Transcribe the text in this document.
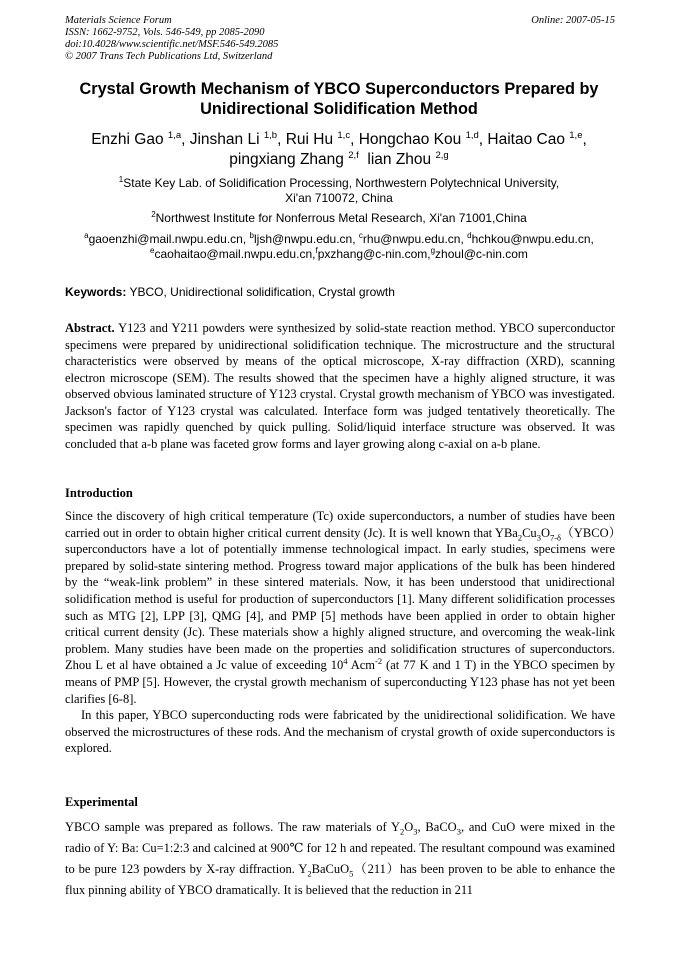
Materials Science Forum
ISSN: 1662-9752, Vols. 546-549, pp 2085-2090
doi:10.4028/www.scientific.net/MSF.546-549.2085
© 2007 Trans Tech Publications Ltd, Switzerland
Online: 2007-05-15
Crystal Growth Mechanism of YBCO Superconductors Prepared by
Unidirectional Solidification Method
Enzhi Gao $^{1,a}$, Jinshan Li $^{1,b}$, Rui Hu $^{1,c}$, Hongchao Kou $^{1,d}$, Haitao Cao $^{1,e}$,
pingxiang Zhang $^{2,f}$ lian Zhou $^{2,g}$
$^1$State Key Lab. of Solidification Processing, Northwestern Polytechnical University,
Xi'an 710072, China
$^2$Northwest Institute for Nonferrous Metal Research, Xi'an 71001,China
$^a$gaoenzhi@mail.nwpu.edu.cn, $^b$ljsh@nwpu.edu.cn, $^c$rhu@nwpu.edu.cn, $^d$hchkou@nwpu.edu.cn,
$^e$caohaitao@mail.nwpu.edu.cn,$^f$pxzhang@c-nin.com,$^g$zhoul@c-nin.com
Keywords: YBCO, Unidirectional solidification, Crystal growth
Abstract. Y123 and Y211 powders were synthesized by solid-state reaction method. YBCO superconductor specimens were prepared by unidirectional solidification technique. The microstructure and the structural characteristics were observed by means of the optical microscope, X-ray diffraction (XRD), scanning electron microscope (SEM). The results showed that the specimen have a highly aligned structure, it was observed obvious laminated structure of Y123 crystal. Crystal growth mechanism of YBCO was investigated. Jackson's factor of Y123 crystal was calculated. Interface form was judged tentatively theoretically. The specimen was rapidly quenched by quick pulling. Solid/liquid interface structure was observed. It was concluded that a-b plane was faceted grow forms and layer growing along c-axial on a-b plane.
Introduction
Since the discovery of high critical temperature (Tc) oxide superconductors, a number of studies have been carried out in order to obtain higher critical current density (Jc). It is well known that $YBa_2Cu_3O_{7-\delta}(YBCO)superconductors$ have a lot of potentially immense technological impact. In early studies, specimens were prepared by solid-state sintering method. Progress toward major applications of the bulk has been hindered by the “weak-link problem” in these sintered materials. Now, it has been understood that unidirectional solidification method is useful for production of superconductors [1]. Many different solidification processes such as MTG [2], LPP [3], QMG [4], and PMP [5] methods have been applied in order to obtain higher critical current density (Jc). These materials show a highly aligned structure, and overcoming the weak-link problem. Many studies have been made on the properties and solidification structures of superconductors. Zhou L et al have obtained a Jc value of exceeding $10^4$ Acm$^{-2}$ (at 77 K and 1 T) in the YBCO specimen by means of PMP [5]. However, the crystal growth mechanism of superconducting Y123 phase has not yet been clarifies [6-8].
In this paper, YBCO superconducting rods were fabricated by the unidirectional solidification. We have observed the microstructures of these rods. And the mechanism of crystal growth of oxide superconductors is explored.
Experimental
YBCO sample was prepared as follows. The raw materials of $Y_2O_3$, BaCO$_3$, and CuO were mixed in the radio of Y: Ba: Cu=1:2:3 and calcined at 900℃ for 12 h and repeated. The resultant compound was examined to be pure 123 powders by X-ray diffraction. $Y_2BaCuO_5(211)has$ been proven to be able to enhance the flux pinning ability of YBCO dramatically. It is believed that the reduction in 211
